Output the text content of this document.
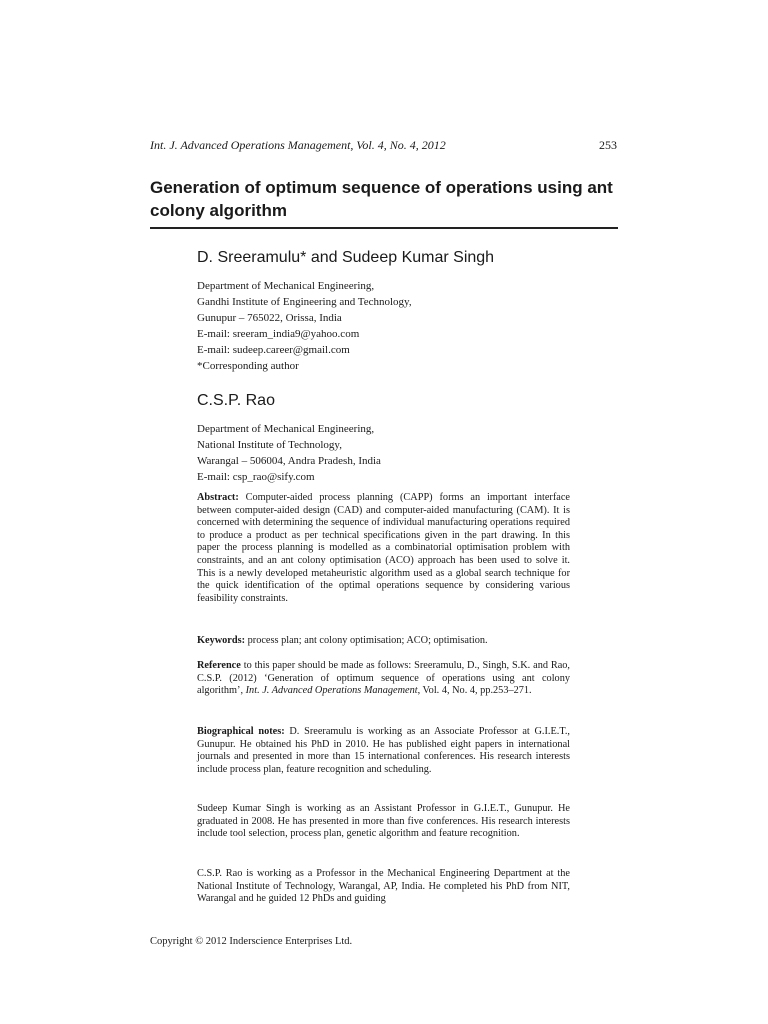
Int. J. Advanced Operations Management, Vol. 4, No. 4, 2012	253
Generation of optimum sequence of operations using ant colony algorithm
D. Sreeramulu* and Sudeep Kumar Singh
Department of Mechanical Engineering,
Gandhi Institute of Engineering and Technology,
Gunupur – 765022, Orissa, India
E-mail: sreeram_india9@yahoo.com
E-mail: sudeep.career@gmail.com
*Corresponding author
C.S.P. Rao
Department of Mechanical Engineering,
National Institute of Technology,
Warangal – 506004, Andra Pradesh, India
E-mail: csp_rao@sify.com
Abstract: Computer-aided process planning (CAPP) forms an important interface between computer-aided design (CAD) and computer-aided manufacturing (CAM). It is concerned with determining the sequence of individual manufacturing operations required to produce a product as per technical specifications given in the part drawing. In this paper the process planning is modelled as a combinatorial optimisation problem with constraints, and an ant colony optimisation (ACO) approach has been used to solve it. This is a newly developed metaheuristic algorithm used as a global search technique for the quick identification of the optimal operations sequence by considering various feasibility constraints.
Keywords: process plan; ant colony optimisation; ACO; optimisation.
Reference to this paper should be made as follows: Sreeramulu, D., Singh, S.K. and Rao, C.S.P. (2012) ‘Generation of optimum sequence of operations using ant colony algorithm’, Int. J. Advanced Operations Management, Vol. 4, No. 4, pp.253–271.
Biographical notes: D. Sreeramulu is working as an Associate Professor at G.I.E.T., Gunupur. He obtained his PhD in 2010. He has published eight papers in international journals and presented in more than 15 international conferences. His research interests include process plan, feature recognition and scheduling.
Sudeep Kumar Singh is working as an Assistant Professor in G.I.E.T., Gunupur. He graduated in 2008. He has presented in more than five conferences. His research interests include tool selection, process plan, genetic algorithm and feature recognition.
C.S.P. Rao is working as a Professor in the Mechanical Engineering Department at the National Institute of Technology, Warangal, AP, India. He completed his PhD from NIT, Warangal and he guided 12 PhDs and guiding
Copyright © 2012 Inderscience Enterprises Ltd.
